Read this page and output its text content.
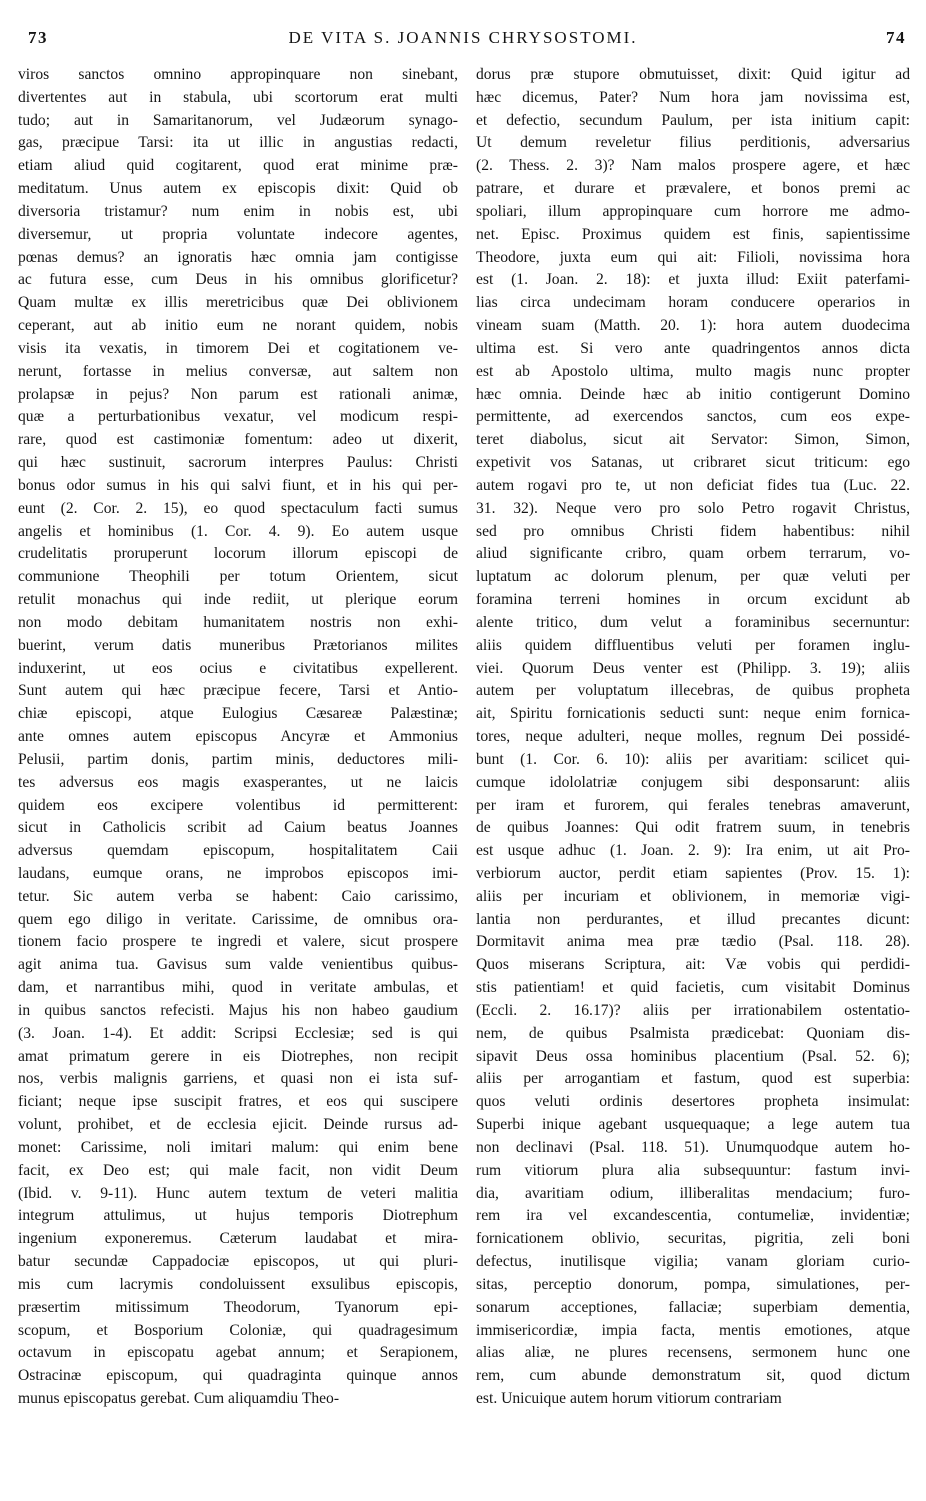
73	DE VITA S. JOANNIS CHRYSOSTOMI.	74
viros sanctos omnino appropinquare non sinebant,
divertentes aut in stabula, ubi scortorum erat multi
tudo; aut in Samaritanorum, vel Judæorum synago-
gas, præcipue Tarsi: ita ut illic in angustias redacti,
etiam aliud quid cogitarent, quod erat minime præ-
meditatum. Unus autem ex episcopis dixit: Quid ob
diversoria tristamur? num enim in nobis est, ubi
diversemur, ut propria voluntate indecore agentes,
pœnas demus? an ignoratis hæc omnia jam contigisse
ac futura esse, cum Deus in his omnibus glorificetur?
Quam multæ ex illis meretricibus quæ Dei oblivionem
ceperant, aut ab initio eum ne norant quidem, nobis
visis ita vexatis, in timorem Dei et cogitationem ve-
nerunt, fortasse in melius conversæ, aut saltem non
prolapsæ in pejus? Non parum est rationali animæ,
quæ a perturbationibus vexatur, vel modicum respi-
rare, quod est castimoniæ fomentum: adeo ut dixerit,
qui hæc sustinuit, sacrorum interpres Paulus: Christi
bonus odor sumus in his qui salvi fiunt, et in his qui per-
eunt (2. Cor. 2. 15), eo quod spectaculum facti sumus
angelis et hominibus (1. Cor. 4. 9). Eo autem usque
crudelitatis proruperunt locorum illorum episcopi de
communione Theophili per totum Orientem, sicut
retulit monachus qui inde rediit, ut plerique eorum
non modo debitam humanitatem nostris non exhi-
buerint, verum datis muneribus Prætorianos milites
induxerint, ut eos ocius e civitatibus expellerent.
Sunt autem qui hæc præcipue fecere, Tarsi et Antio-
chiæ episcopi, atque Eulogius Cæsareæ Palæstinæ;
ante omnes autem episcopus Ancyræ et Ammonius
Pelusii, partim donis, partim minis, deductores mili-
tes adversus eos magis exasperantes, ut ne laicis
quidem eos excipere volentibus id permitterent:
sicut in Catholicis scribit ad Caium beatus Joannes
adversus quemdam episcopum, hospitalitatem Caii
laudans, eumque orans, ne improbos episcopos imi-
tetur. Sic autem verba se habent: Caio carissimo,
quem ego diligo in veritate. Carissime, de omnibus ora-
tionem facio prospere te ingredi et valere, sicut prospere
agit anima tua. Gavisus sum valde venientibus quibus-
dam, et narrantibus mihi, quod in veritate ambulas, et
in quibus sanctos refecisti. Majus his non habeo gaudium
(3. Joan. 1-4). Et addit: Scripsi Ecclesiæ; sed is qui
amat primatum gerere in eis Diotrephes, non recipit
nos, verbis malignis garriens, et quasi non ei ista suf-
ficiant; neque ipse suscipit fratres, et eos qui suscipere
volunt, prohibet, et de ecclesia ejicit. Deinde rursus ad-
monet: Carissime, noli imitari malum: qui enim bene
facit, ex Deo est; qui male facit, non vidit Deum
(Ibid. v. 9-11). Hunc autem textum de veteri malitia
integrum attulimus, ut hujus temporis Diotrephum
ingenium exponeremus. Cæterum laudabat et mira-
batur secundæ Cappadociæ episcopos, ut qui pluri-
mis cum lacrymis condoluissent exsulibus episcopis,
præsertim mitissimum Theodorum, Tyanorum epi-
scopum, et Bosporium Coloniæ, qui quadragesimum
octavum in episcopatu agebat annum; et Serapionem,
Ostracinæ episcopum, qui quadraginta quinque annos
munus episcopatus gerebat. Cum aliquamdiu Theo-
dorus præ stupore obmutuisset, dixit: Quid igitur ad
hæc dicemus, Pater? Num hora jam novissima est,
et defectio, secundum Paulum, per ista initium capit:
Ut demum reveletur filius perditionis, adversarius
(2. Thess. 2. 3)? Nam malos prospere agere, et hæc
patrare, et durare et prævalere, et bonos premi ac
spoliari, illum appropinquare cum horrore me admo-
net. Episc. Proximus quidem est finis, sapientissime
Theodore, juxta eum qui ait: Filioli, novissima hora
est (1. Joan. 2. 18): et juxta illud: Exiit paterfami-
lias circa undecimam horam conducere operarios in
vineam suam (Matth. 20. 1): hora autem duodecima
ultima est. Si vero ante quadringentos annos dicta
est ab Apostolo ultima, multo magis nunc propter
hæc omnia. Deinde hæc ab initio contigerunt Domino
permittente, ad exercendos sanctos, cum eos expe-
teret diabolus, sicut ait Servator: Simon, Simon,
expetivit vos Satanas, ut cribraret sicut triticum: ego
autem rogavi pro te, ut non deficiat fides tua (Luc. 22.
31. 32). Neque vero pro solo Petro rogavit Christus,
sed pro omnibus Christi fidem habentibus: nihil
aliud significante cribro, quam orbem terrarum, vo-
luptatum ac dolorum plenum, per quæ veluti per
foramina terreni homines in orcum excidunt ab
alente tritico, dum velut a foraminibus secernuntur:
aliis quidem diffluentibus veluti per foramen inglu-
viei. Quorum Deus venter est (Philipp. 3. 19); aliis
autem per voluptatum illecebras, de quibus propheta
ait, Spiritu fornicationis seducti sunt: neque enim fornica-
tores, neque adulteri, neque molles, regnum Dei possidé-
bunt (1. Cor. 6. 10): aliis per avaritiam: scilicet qui-
cumque idololatriæ conjugem sibi desponsarunt: aliis
per iram et furorem, qui ferales tenebras amaverunt,
de quibus Joannes: Qui odit fratrem suum, in tenebris
est usque adhuc (1. Joan. 2. 9): Ira enim, ut ait Pro-
verbiorum auctor, perdit etiam sapientes (Prov. 15. 1):
aliis per incuriam et oblivionem, in memoriæ vigi-
lantia non perdurantes, et illud precantes dicunt:
Dormitavit anima mea præ tædio (Psal. 118. 28).
Quos miserans Scriptura, ait: Væ vobis qui perdidi-
stis patientiam! et quid facietis, cum visitabit Dominus
(Eccli. 2. 16.17)? aliis per irrationabilem ostentatio-
nem, de quibus Psalmista prædicebat: Quoniam dis-
sipavit Deus ossa hominibus placentium (Psal. 52. 6);
aliis per arrogantiam et fastum, quod est superbia:
quos veluti ordinis desertores propheta insimulat:
Superbi inique agebant usquequaque; a lege autem tua
non declinavi (Psal. 118. 51). Unumquodque autem ho-
rum vitiorum plura alia subsequuntur: fastum invi-
dia, avaritiam odium, illiberalitas mendacium; furo-
rem ira vel excandescentia, contumeliæ, invidentiæ;
fornicationem oblivio, securitas, pigritia, zeli boni
defectus, inutilisque vigilia; vanam gloriam curio-
sitas, perceptio donorum, pompa, simulationes, per-
sonarum acceptiones, fallaciæ; superbiam dementia,
immisericordiæ, impia facta, mentis emotiones, atque
alias aliæ, ne plures recensens, sermonem hunc one
rem, cum abunde demonstratum sit, quod dictum
est. Unicuique autem horum vitiorum contrariam
